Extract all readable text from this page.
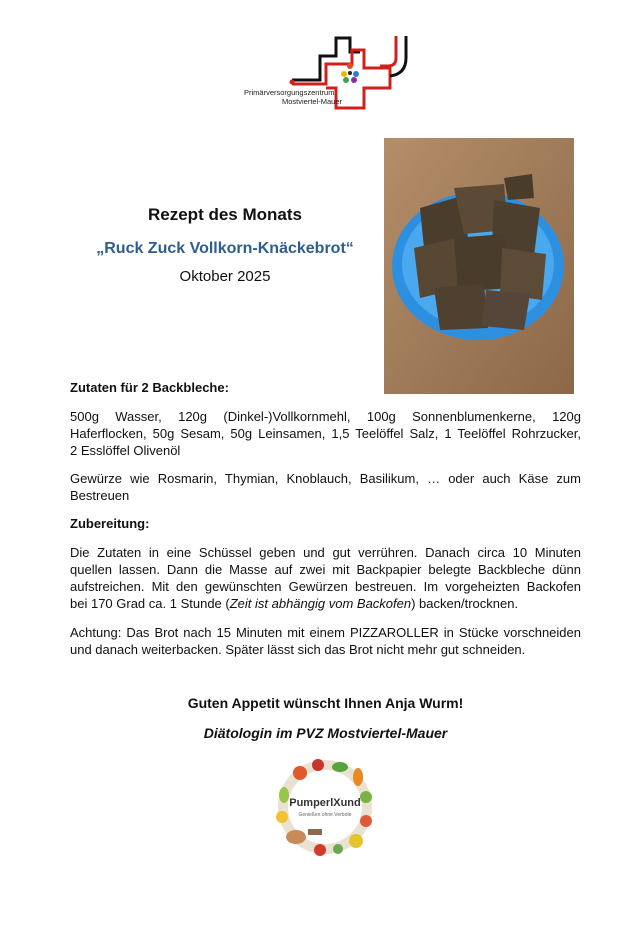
Primärversorgungszentrum
Mostviertel-Mauer
Rezept des Monats
„Ruck Zuck Vollkorn-Knäckebrot“
Oktober 2025
Zutaten für 2 Backbleche:
500g Wasser, 120g (Dinkel-)Vollkornmehl, 100g Sonnenblumenkerne, 120g
Haferflocken, 50g Sesam, 50g Leinsamen, 1,5 Teelöffel Salz, 1 Teelöffel Rohrzucker,
2 Esslöffel Olivenöl
Gewürze wie Rosmarin, Thymian, Knoblauch, Basilikum, … oder auch Käse zum
Bestreuen
Zubereitung:
Die Zutaten in eine Schüssel geben und gut verrühren. Danach circa 10 Minuten
quellen lassen. Dann die Masse auf zwei mit Backpapier belegte Backbleche dünn
aufstreichen. Mit den gewünschten Gewürzen bestreuen. Im vorgeheizten Backofen
bei 170 Grad ca. 1 Stunde (Zeit ist abhängig vom Backofen) backen/trocknen.
Achtung: Das Brot nach 15 Minuten mit einem PIZZAROLLER in Stücke vorschneiden
und danach weiterbacken. Später lässt sich das Brot nicht mehr gut schneiden.
Guten Appetit wünscht Ihnen Anja Wurm!
Diätologin im PVZ Mostviertel-Mauer
PumperlXund
Genießen ohne Verbote
